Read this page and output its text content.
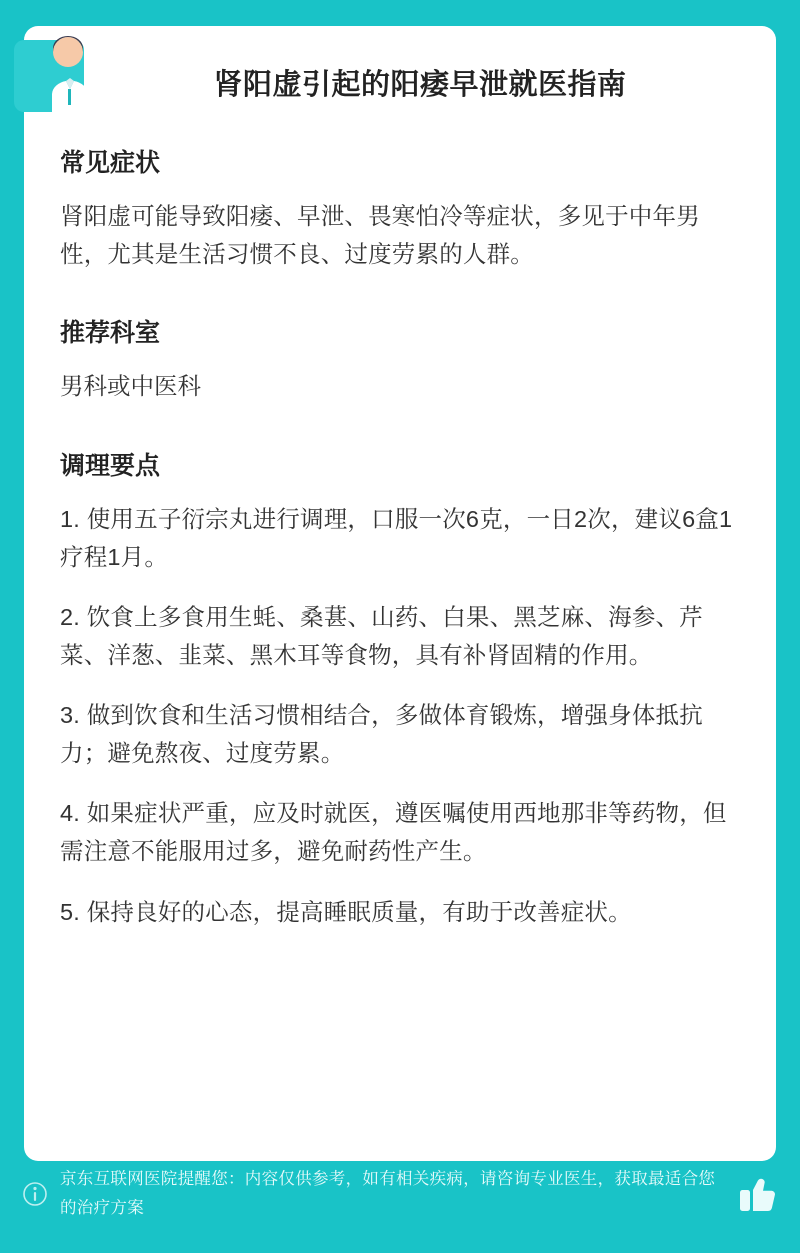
肾阳虚引起的阳痿早泄就医指南
常见症状

肾阳虚可能导致阳痿、早泄、畏寒怕冷等症状，多见于中年男性，尤其是生活习惯不良、过度劳累的人群。

推荐科室

男科或中医科

调理要点
1. 使用五子衍宗丸进行调理，口服一次6克，一日2次，建议6盒1疗程1月。
2. 饮食上多食用生蚝、桑葚、山药、白果、黑芝麻、海参、芹菜、洋葱、韭菜、黑木耳等食物，具有补肾固精的作用。
3. 做到饮食和生活习惯相结合，多做体育锻炼，增强身体抵抗力；避免熬夜、过度劳累。
4. 如果症状严重，应及时就医，遵医嘱使用西地那非等药物，但需注意不能服用过多，避免耐药性产生。
5. 保持良好的心态，提高睡眠质量，有助于改善症状。
京东互联网医院提醒您：内容仅供参考，如有相关疾病，请咨询专业医生，获取最适合您的治疗方案
